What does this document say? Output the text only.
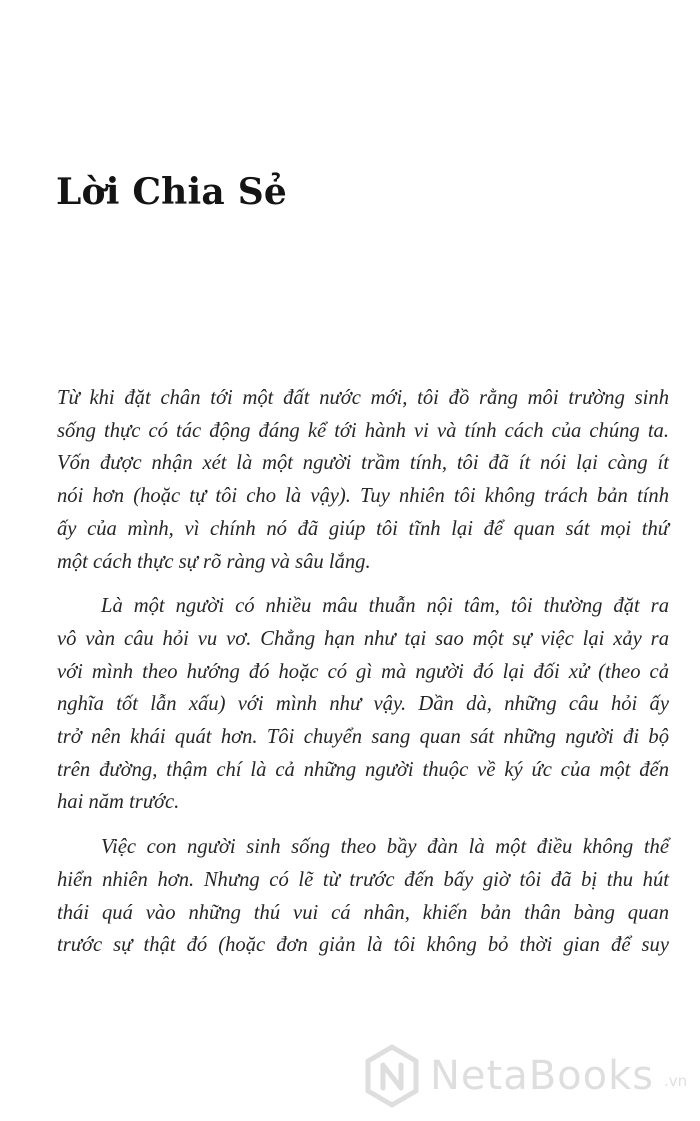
Lời Chia Sẻ

Từ khi đặt chân tới một đất nước mới, tôi đồ rằng môi trường sinh
sống thực có tác động đáng kể tới hành vi và tính cách của chúng ta.
Vốn được nhận xét là một người trầm tính, tôi đã ít nói lại càng ít
nói hơn (hoặc tự tôi cho là vậy). Tuy nhiên tôi không trách bản tính
ấy của mình, vì chính nó đã giúp tôi tĩnh lại để quan sát mọi thứ
một cách thực sự rõ ràng và sâu lắng.

Là một người có nhiều mâu thuẫn nội tâm, tôi thường đặt ra
vô vàn câu hỏi vu vơ. Chẳng hạn như tại sao một sự việc lại xảy ra
với mình theo hướng đó hoặc có gì mà người đó lại đối xử (theo cả
nghĩa tốt lẫn xấu) với mình như vậy. Dần dà, những câu hỏi ấy
trở nên khái quát hơn. Tôi chuyển sang quan sát những người đi bộ
trên đường, thậm chí là cả những người thuộc về ký ức của một đến
hai năm trước.

Việc con người sinh sống theo bầy đàn là một điều không thể
hiển nhiên hơn. Nhưng có lẽ từ trước đến bấy giờ tôi đã bị thu hút
thái quá vào những thú vui cá nhân, khiến bản thân bàng quan
trước sự thật đó (hoặc đơn giản là tôi không bỏ thời gian để suy

NetaBooks .vn
